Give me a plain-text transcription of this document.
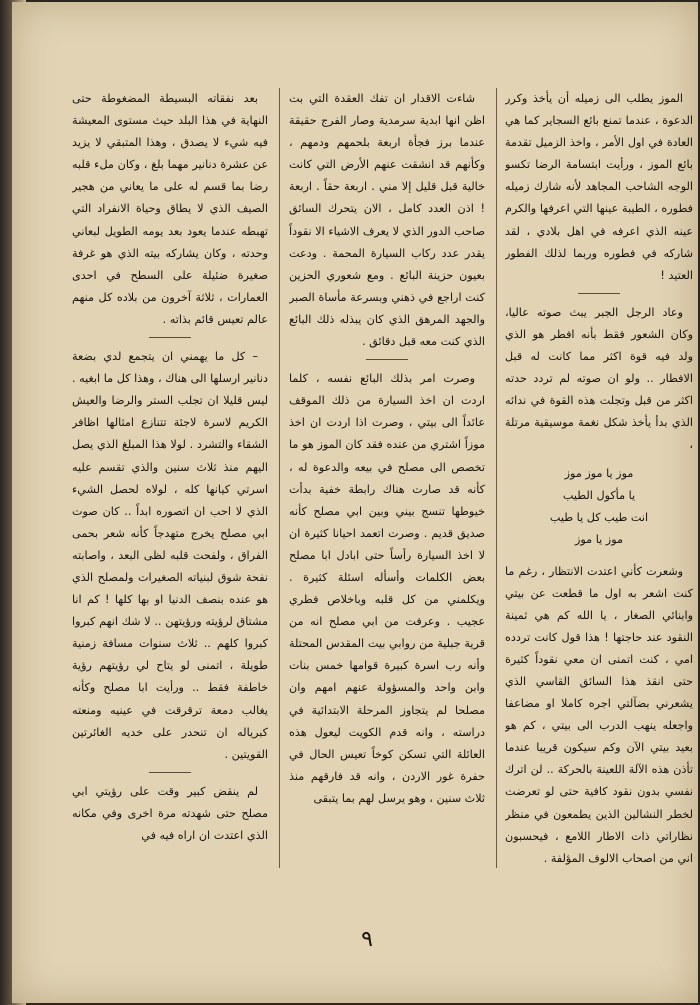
الموز يطلب الى زميله أن يأخذ وكرر الدعوة ، عندما تمنع بائع السجاير كما هي العادة في اول الأمر ، واخذ الزميل تقدمة بائع الموز ، ورأيت ابتسامة الرضا تكسو الوجه الشاحب المجاهد لأنه شارك زميله فطوره ، الطيبة عينها التي اعرفها والكرم عينه الذي اعرفه في اهل بلادي ، لقد شاركه في فطوره وربما لذلك الفطور العتيد !

وعاد الرجل الجبر يبث صوته عاليا، وكان الشعور فقط بأنه افطر هو الذي ولد فيه قوة اكثر مما كانت له قبل الافطار .. ولو ان صوته لم تردد حدته اكثر من قبل وتجلت هذه القوة في ندائه الذي بدأ يأخذ شكل نغمة موسيقية مرتلة ،

موز يا موز موز
يا مأكول الطيب
انت طيب كل يا طيب
موز يا موز

وشعرت كأني اعتدت الانتظار ، رغم ما كنت اشعر به اول ما قطعت عن بيتي وابنائي الصغار ، يا الله كم هي ثمينة النقود عند حاجتها ! هذا قول كانت تردده امي ، كنت اتمنى ان معي نقوداً كثيرة حتى انقذ هذا السائق القاسي الذي يشعرني بضآلتي اجره كاملا او مضاعفا واجعله ينهب الدرب الى بيتي ، كم هو بعيد بيتي الآن وكم سيكون قريبا عندما تأذن هذه الآلة اللعينة بالحركة .. لن اترك نفسي بدون نقود كافية حتى لو تعرضت لخطر النشالين الذين يطمعون في منظر نظاراتي ذات الاطار اللامع ، فيحسبون اني من اصحاب الالوف المؤلفة .

شاءت الاقدار ان تفك العقدة التي بت اظن انها ابدية سرمدية وصار الفرج حقيقة عندما برز فجأة اربعة بلحمهم ودمهم ، وكأنهم قد انشقت عنهم الأرض التي كانت خالية قبل قليل إلا مني . اربعة حقاً . اربعة ! اذن العدد كامل ، الان يتحرك السائق صاحب الدور الذي لا يعرف الاشياء الا نقوداً يقدر عدد ركاب السيارة المحمة . ودعت بعيون حزينة البائع . ومع شعوري الحزين كنت اراجع في ذهني وبسرعة مأساة الصبر والجهد المرهق الذي كان يبذله ذلك البائع الذي كنت معه قبل دقائق .

وصرت امر بذلك البائع نفسه ، كلما اردت ان اخذ السيارة من ذلك الموقف عائداً الى بيتي ، وصرت اذا اردت ان اخذ موزاً اشتري من عنده فقد كان الموز هو ما تخصص الى مصلح في بيعه والدعوة له ، كأنه قد صارت هناك رابطة خفية بدأت خيوطها تنسج بيني وبين ابي مصلح كأنه صديق قديم . وصرت اتعمد احيانا كثيرة ان لا اخذ السيارة رأساً حتى ابادل ابا مصلح بعض الكلمات وأسأله اسئلة كثيرة . ويكلمني من كل قلبه وباخلاص فطري عجيب . وعرفت من ابي مصلح انه من قرية جبلية من روابي بيت المقدس المحتلة وأنه رب اسرة كبيرة قوامها خمس بنات وابن واحد والمسؤولة عنهم امهم وان مصلحا لم يتجاوز المرحلة الابتدائية في دراسته ، وانه قدم الكويت ليعول هذه العائلة التي تسكن كوخاً تعيس الحال في حفرة غور الاردن ، وانه قد فارقهم منذ ثلاث سنين ، وهو يرسل لهم بما يتبقى

بعد نفقاته البسيطة المضغوطة حتى النهاية في هذا البلد حيث مستوى المعيشة فيه شيء لا يصدق ، وهذا المتبقي لا يزيد عن عشرة دنانير مهما بلغ ، وكان ملء قلبه رضا بما قسم له على ما يعاني من هجير الصيف الذي لا يطاق وحياة الانفراد التي تهبطه عندما يعود بعد يومه الطويل لبعاني وحدته ، وكان يشاركه بيته الذي هو غرفة صغيرة ضئيلة على السطح في احدى العمارات ، ثلاثة آخرون من بلاده كل منهم عالم تعيس قائم بذاته .

– كل ما يهمني ان يتجمع لدي بضعة دنانير ارسلها الى هناك ، وهذا كل ما ابغيه . ليس قليلا ان تجلب الستر والرضا والعيش الكريم لاسرة لاجئة تتنازع امثالها اظافر الشقاء والتشرد . لولا هذا المبلغ الذي يصل اليهم منذ ثلاث سنين والذي تقسم عليه اسرتي كيانها كله ، لولاه لحصل الشيء الذي لا احب ان اتصوره ابداً .. كان صوت ابي مصلح يخرج متهدجاً كأنه شعر بحمى الفراق ، ولفحت قلبه لظى البعد ، واصابته نفحة شوق لبنياته الصغيرات ولمصلح الذي هو عنده بنصف الدنيا او بها كلها ! كم انا مشتاق لرؤيته ورؤيتهن .. لا شك انهم كبروا كبروا كلهم .. ثلاث سنوات مسافة زمنية طويلة ، اتمنى لو يتاح لي رؤيتهم رؤية خاطفة فقط .. ورأيت ابا مصلح وكأنه يغالب دمعة ترقرقت في عينيه ومنعته كبرياله ان تنحدر على خديه الغائرتين القويتين .

لم ينقض كبير وقت على رؤيتي ابي مصلح حتى شهدته مرة اخرى وفي مكانه الذي اعتدت ان اراه فيه في

٩
